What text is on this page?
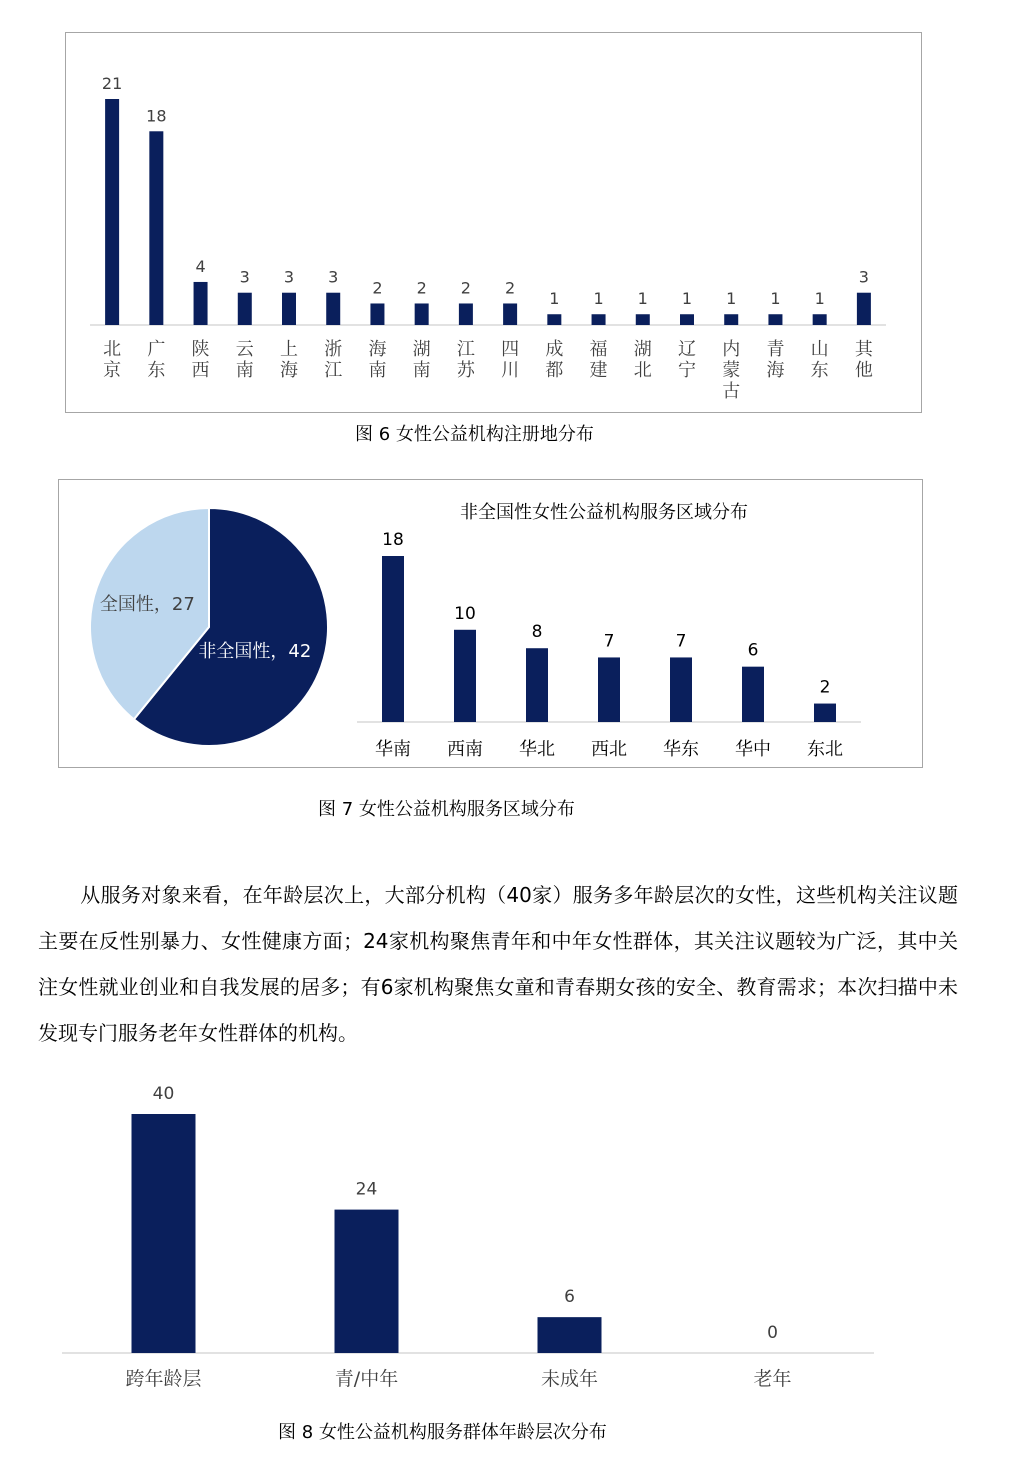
21
北京
18
广东
4
陕西
3
云南
3
上海
3
浙江
2
海南
2
湖南
2
江苏
2
四川
1
成都
1
福建
1
湖北
1
辽宁
1
内蒙古
1
青海
1
山东
3
其他
图 6 女性公益机构注册地分布
非全国性，42
全国性，27
非全国性女性公益机构服务区域分布
18
华南
10
西南
8
华北
7
西北
7
华东
6
华中
2
东北
图 7 女性公益机构服务区域分布
从服务对象来看，在年龄层次上，大部分机构（40家）服务多年龄层次的女性，这些机构关注议题主要在反性别暴力、女性健康方面；24家机构聚焦青年和中年女性群体，其关注议题较为广泛，其中关注女性就业创业和自我发展的居多；有6家机构聚焦女童和青春期女孩的安全、教育需求；本次扫描中未发现专门服务老年女性群体的机构。
40
跨年龄层
24
青/中年
6
未成年
0
老年
图 8 女性公益机构服务群体年龄层次分布
